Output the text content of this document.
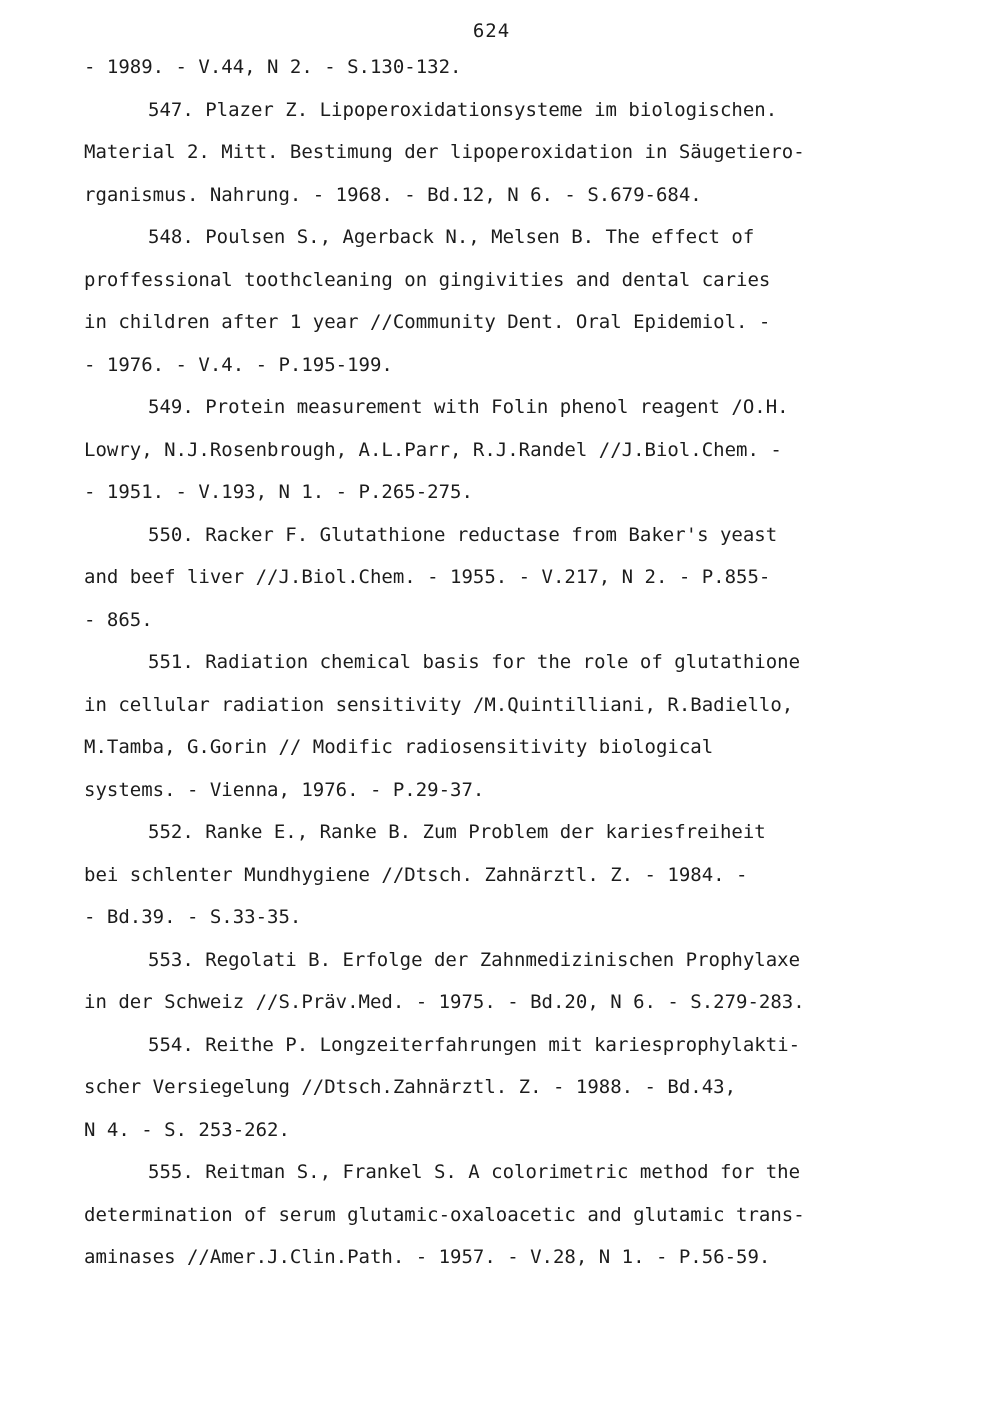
624
- 1989. - V.44, N 2. - S.130-132.
547. Plazer Z. Lipoperoxidationsysteme im biologischen.
Material 2. Mitt. Bestimung der lipoperoxidation in Säugetiero-
rganismus. Nahrung. - 1968. - Bd.12, N 6. - S.679-684.
548. Poulsen S., Agerback N., Melsen B. The effect of
proffessional toothcleaning on gingivities and dental caries
in children after 1 year //Community Dent. Oral Epidemiol. -
- 1976. - V.4. - P.195-199.
549. Protein measurement with Folin phenol reagent /O.H.
Lowry, N.J.Rosenbrough, A.L.Parr, R.J.Randel //J.Biol.Chem. -
- 1951. - V.193, N 1. - P.265-275.
550. Racker F. Glutathione reductase from Baker's yeast
and beef liver //J.Biol.Chem. - 1955. - V.217, N 2. - P.855-
- 865.
551. Radiation chemical basis for the role of glutathione
in cellular radiation sensitivity /M.Quintilliani, R.Badiello,
M.Tamba, G.Gorin // Modific radiosensitivity biological
systems. - Vienna, 1976. - P.29-37.
552. Ranke E., Ranke B. Zum Problem der kariesfreiheit
bei schlenter Mundhygiene //Dtsch. Zahnärztl. Z. - 1984. -
- Bd.39. - S.33-35.
553. Regolati B. Erfolge der Zahnmedizinischen Prophylaxe
in der Schweiz //S.Präv.Med. - 1975. - Bd.20, N 6. - S.279-283.
554. Reithe P. Longzeiterfahrungen mit kariesprophylakti-
scher Versiegelung //Dtsch.Zahnärztl. Z. - 1988. - Bd.43,
N 4. - S. 253-262.
555. Reitman S., Frankel S. A colorimetric method for the
determination of serum glutamic-oxaloacetic and glutamic trans-
aminases //Amer.J.Clin.Path. - 1957. - V.28, N 1. - P.56-59.
